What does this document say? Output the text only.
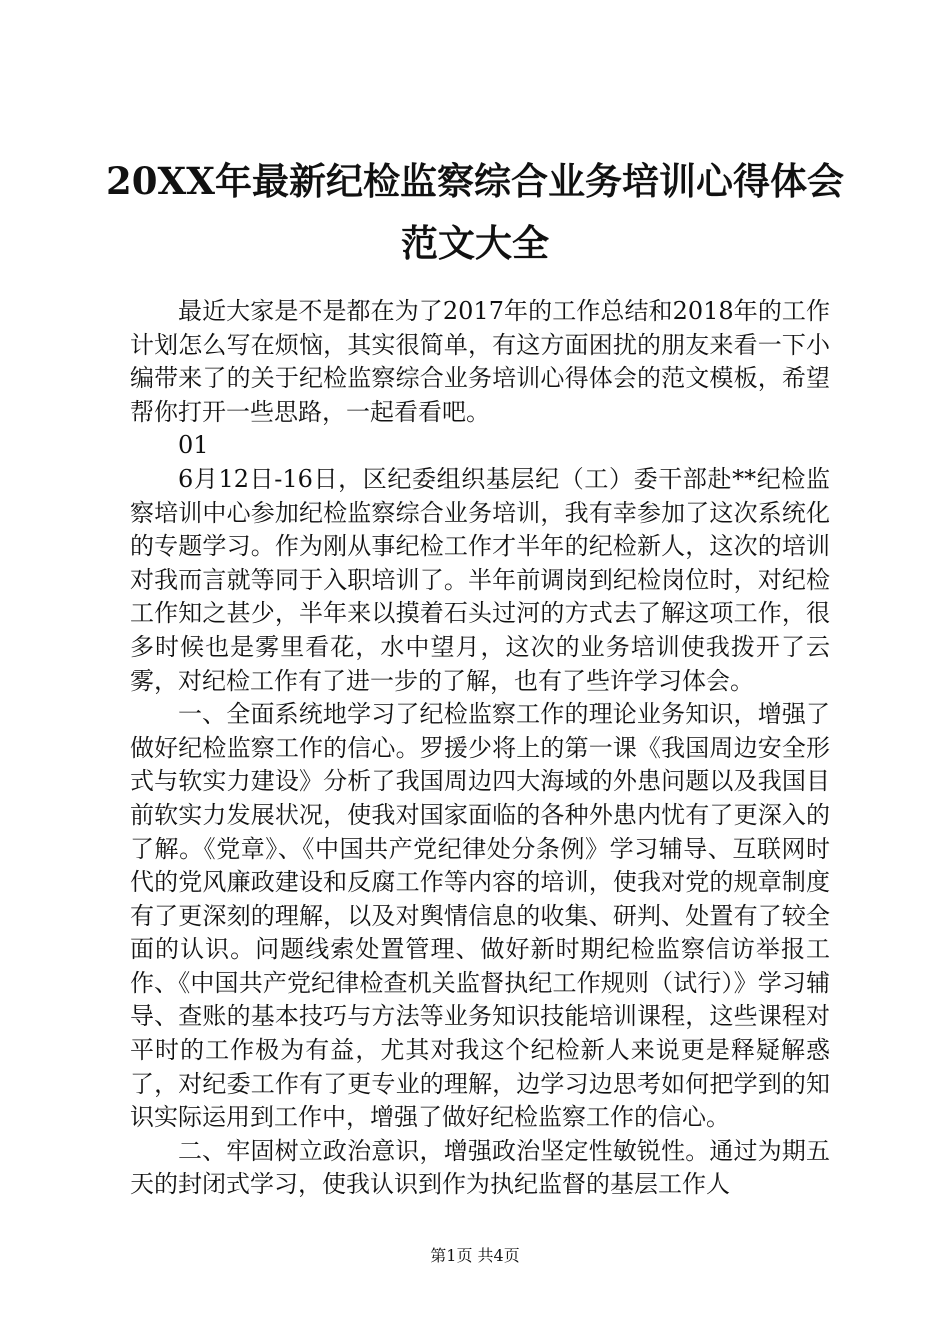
20XX年最新纪检监察综合业务培训心得体会
范文大全

最近大家是不是都在为了2017年的工作总结和2018年的工作计划怎么写在烦恼，其实很简单，有这方面困扰的朋友来看一下小编带来了的关于纪检监察综合业务培训心得体会的范文模板，希望帮你打开一些思路，一起看看吧。

01

6月12日-16日，区纪委组织基层纪（工）委干部赴**纪检监察培训中心参加纪检监察综合业务培训，我有幸参加了这次系统化的专题学习。作为刚从事纪检工作才半年的纪检新人，这次的培训对我而言就等同于入职培训了。半年前调岗到纪检岗位时，对纪检工作知之甚少，半年来以摸着石头过河的方式去了解这项工作，很多时候也是雾里看花，水中望月，这次的业务培训使我拨开了云雾，对纪检工作有了进一步的了解，也有了些许学习体会。

一、全面系统地学习了纪检监察工作的理论业务知识，增强了做好纪检监察工作的信心。罗援少将上的第一课《我国周边安全形式与软实力建设》分析了我国周边四大海域的外患问题以及我国目前软实力发展状况，使我对国家面临的各种外患内忧有了更深入的了解。《党章》、《中国共产党纪律处分条例》学习辅导、互联网时代的党风廉政建设和反腐工作等内容的培训，使我对党的规章制度有了更深刻的理解，以及对舆情信息的收集、研判、处置有了较全面的认识。问题线索处置管理、做好新时期纪检监察信访举报工作、《中国共产党纪律检查机关监督执纪工作规则（试行）》学习辅导、查账的基本技巧与方法等业务知识技能培训课程，这些课程对平时的工作极为有益，尤其对我这个纪检新人来说更是释疑解惑了，对纪委工作有了更专业的理解，边学习边思考如何把学到的知识实际运用到工作中，增强了做好纪检监察工作的信心。

二、牢固树立政治意识，增强政治坚定性敏锐性。通过为期五天的封闭式学习，使我认识到作为执纪监督的基层工作人

第1页 共4页
